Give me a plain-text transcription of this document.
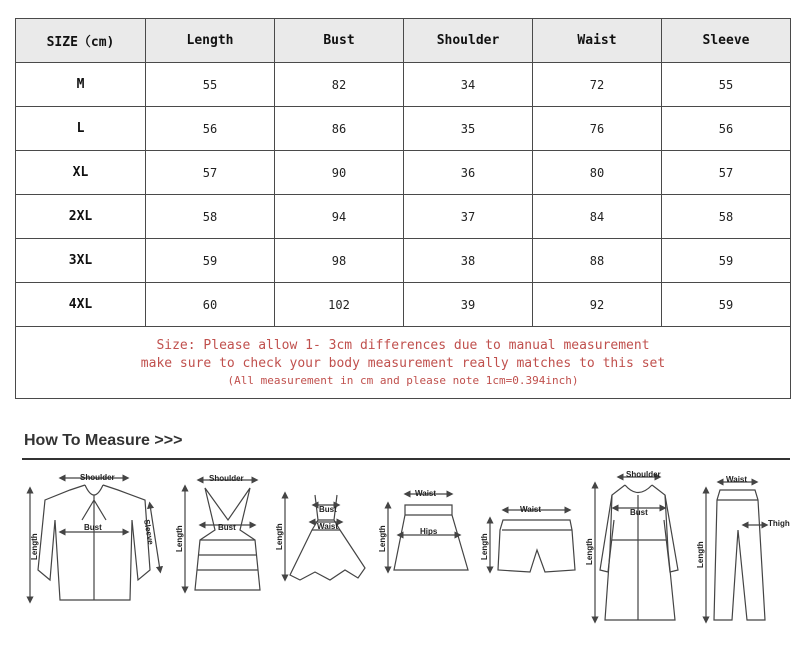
SIZE（cm)	Length	Bust	Shoulder	Waist	Sleeve
M	55	82	34	72	55
L	56	86	35	76	56
XL	57	90	36	80	57
2XL	58	94	37	84	58
3XL	59	98	38	88	59
4XL	60	102	39	92	59

Size: Please allow 1- 3cm differences due to manual measurement
make sure to check your body measurement really matches to this set
(All measurement in cm and please note 1cm=0.394inch)					
How To Measure >>>
Shoulder
Bust
Length
Sleeve
Shoulder
Bust
Length
Bust
Waist
Length
Waist
Hips
Length
Waist
Length
Shoulder
Bust
Length
Waist
Thigh
Length
